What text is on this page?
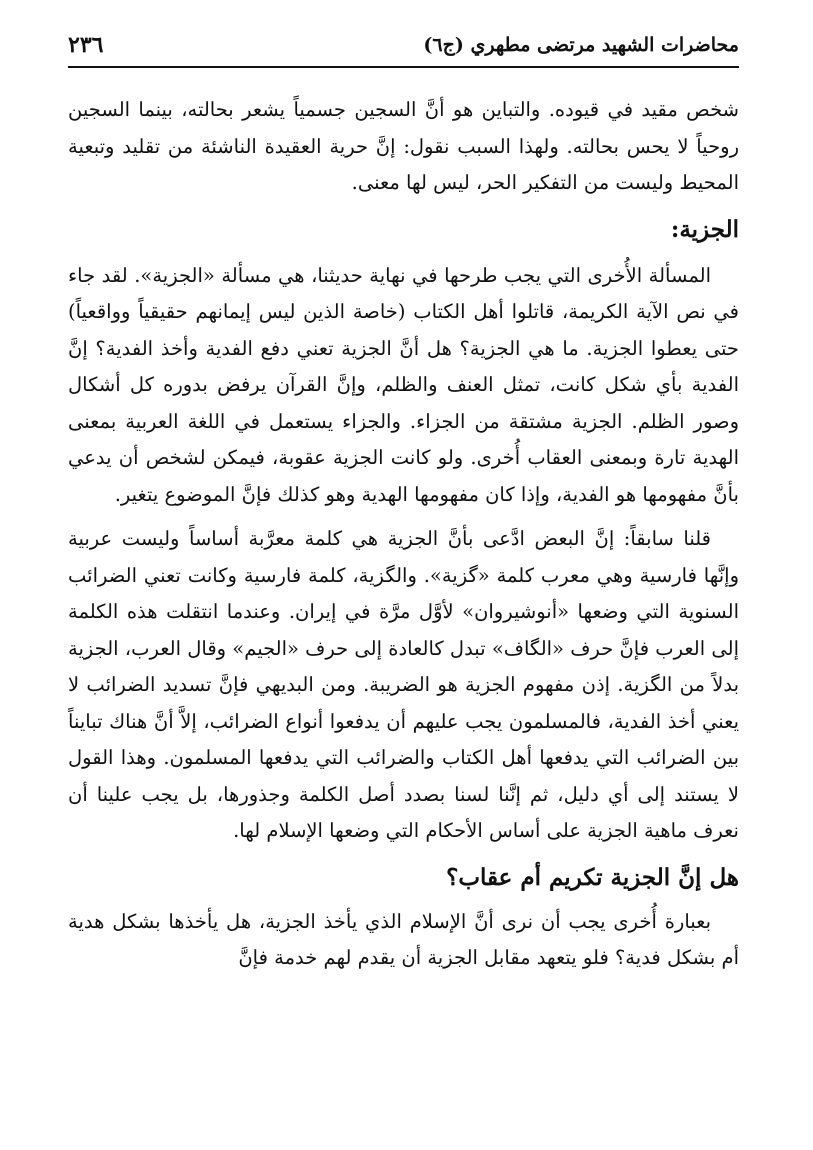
محاضرات الشهيد مرتضى مطهري (ج٦)
٢٣٦

شخص مقيد في قيوده. والتباين هو أنَّ السجين جسمياً يشعر بحالته، بينما السجين روحياً لا يحس بحالته. ولهذا السبب نقول: إنَّ حرية العقيدة الناشئة من تقليد وتبعية المحيط وليست من التفكير الحر، ليس لها معنى.

الجزية:

المسألة الأُخرى التي يجب طرحها في نهاية حديثنا، هي مسألة «الجزية». لقد جاء في نص الآية الكريمة، قاتلوا أهل الكتاب (خاصة الذين ليس إيمانهم حقيقياً وواقعياً) حتى يعطوا الجزية. ما هي الجزية؟ هل أنَّ الجزية تعني دفع الفدية وأخذ الفدية؟ إنَّ الفدية بأي شكل كانت، تمثل العنف والظلم، وإنَّ القرآن يرفض بدوره كل أشكال وصور الظلم. الجزية مشتقة من الجزاء. والجزاء يستعمل في اللغة العربية بمعنى الهدية تارة وبمعنى العقاب أُخرى. ولو كانت الجزية عقوبة، فيمكن لشخص أن يدعي بأنَّ مفهومها هو الفدية، وإذا كان مفهومها الهدية وهو كذلك فإنَّ الموضوع يتغير.

قلنا سابقاً: إنَّ البعض ادَّعى بأنَّ الجزية هي كلمة معرَّبة أساساً وليست عربية وإنَّها فارسية وهي معرب كلمة «گزية». والگزية، كلمة فارسية وكانت تعني الضرائب السنوية التي وضعها «أنوشيروان» لأوَّل مرَّة في إيران. وعندما انتقلت هذه الكلمة إلى العرب فإنَّ حرف «الگاف» تبدل كالعادة إلى حرف «الجيم» وقال العرب، الجزية بدلاً من الگزية. إذن مفهوم الجزية هو الضريبة. ومن البديهي فإنَّ تسديد الضرائب لا يعني أخذ الفدية، فالمسلمون يجب عليهم أن يدفعوا أنواع الضرائب، إلاَّ أنَّ هناك تبايناً بين الضرائب التي يدفعها أهل الكتاب والضرائب التي يدفعها المسلمون. وهذا القول لا يستند إلى أي دليل، ثم إنَّنا لسنا بصدد أصل الكلمة وجذورها، بل يجب علينا أن نعرف ماهية الجزية على أساس الأحكام التي وضعها الإسلام لها.

هل إنَّ الجزية تكريم أم عقاب؟

بعبارة أُخرى يجب أن نرى أنَّ الإسلام الذي يأخذ الجزية، هل يأخذها بشكل هدية أم بشكل فدية؟ فلو يتعهد مقابل الجزية أن يقدم لهم خدمة فإنَّ
